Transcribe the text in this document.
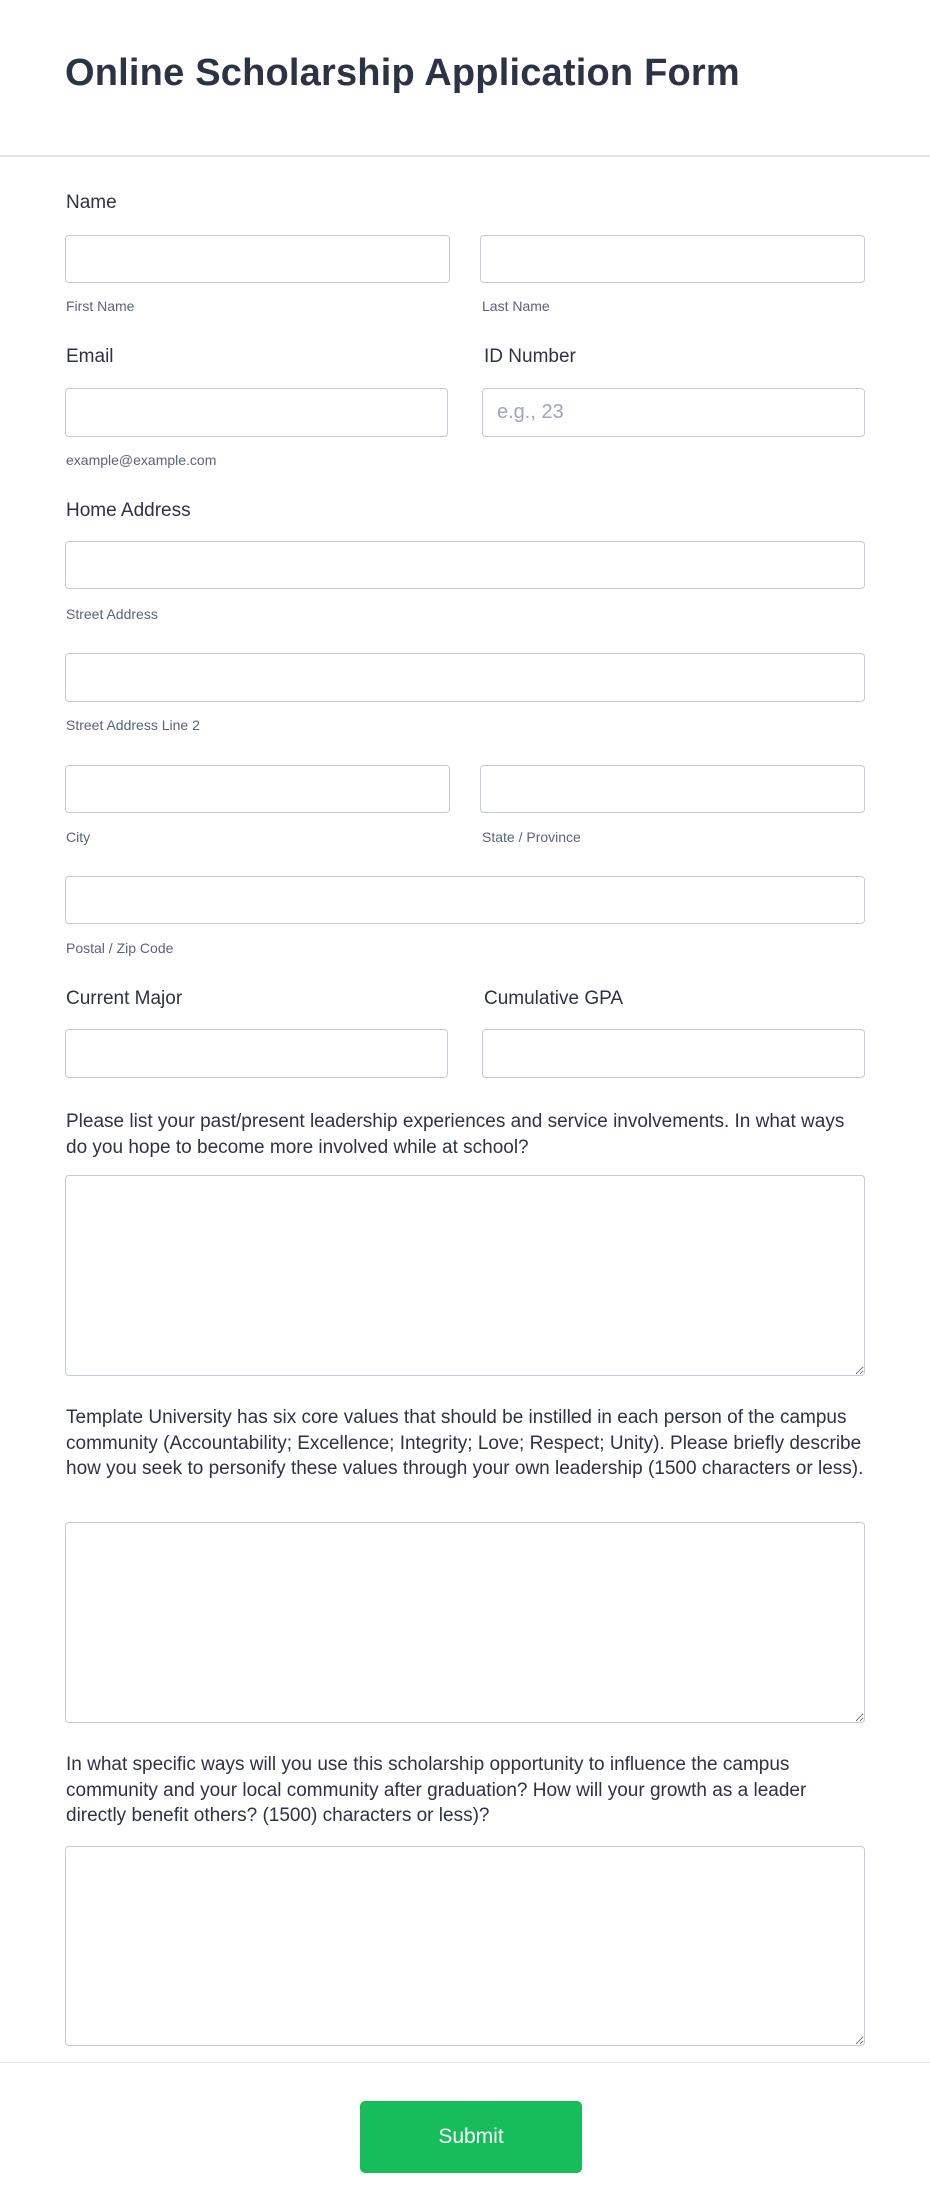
Online Scholarship Application Form
Name
First Name	Last Name
Email	ID Number
e.g., 23
example@example.com
Home Address
Street Address
Street Address Line 2
City	State / Province
Postal / Zip Code
Current Major	Cumulative GPA
Please list your past/present leadership experiences and service involvements. In what ways do you hope to become more involved while at school?
Template University has six core values that should be instilled in each person of the campus community (Accountability; Excellence; Integrity; Love; Respect; Unity). Please briefly describe how you seek to personify these values through your own leadership (1500 characters or less).
In what specific ways will you use this scholarship opportunity to influence the campus community and your local community after graduation? How will your growth as a leader directly benefit others? (1500) characters or less)?
Submit
